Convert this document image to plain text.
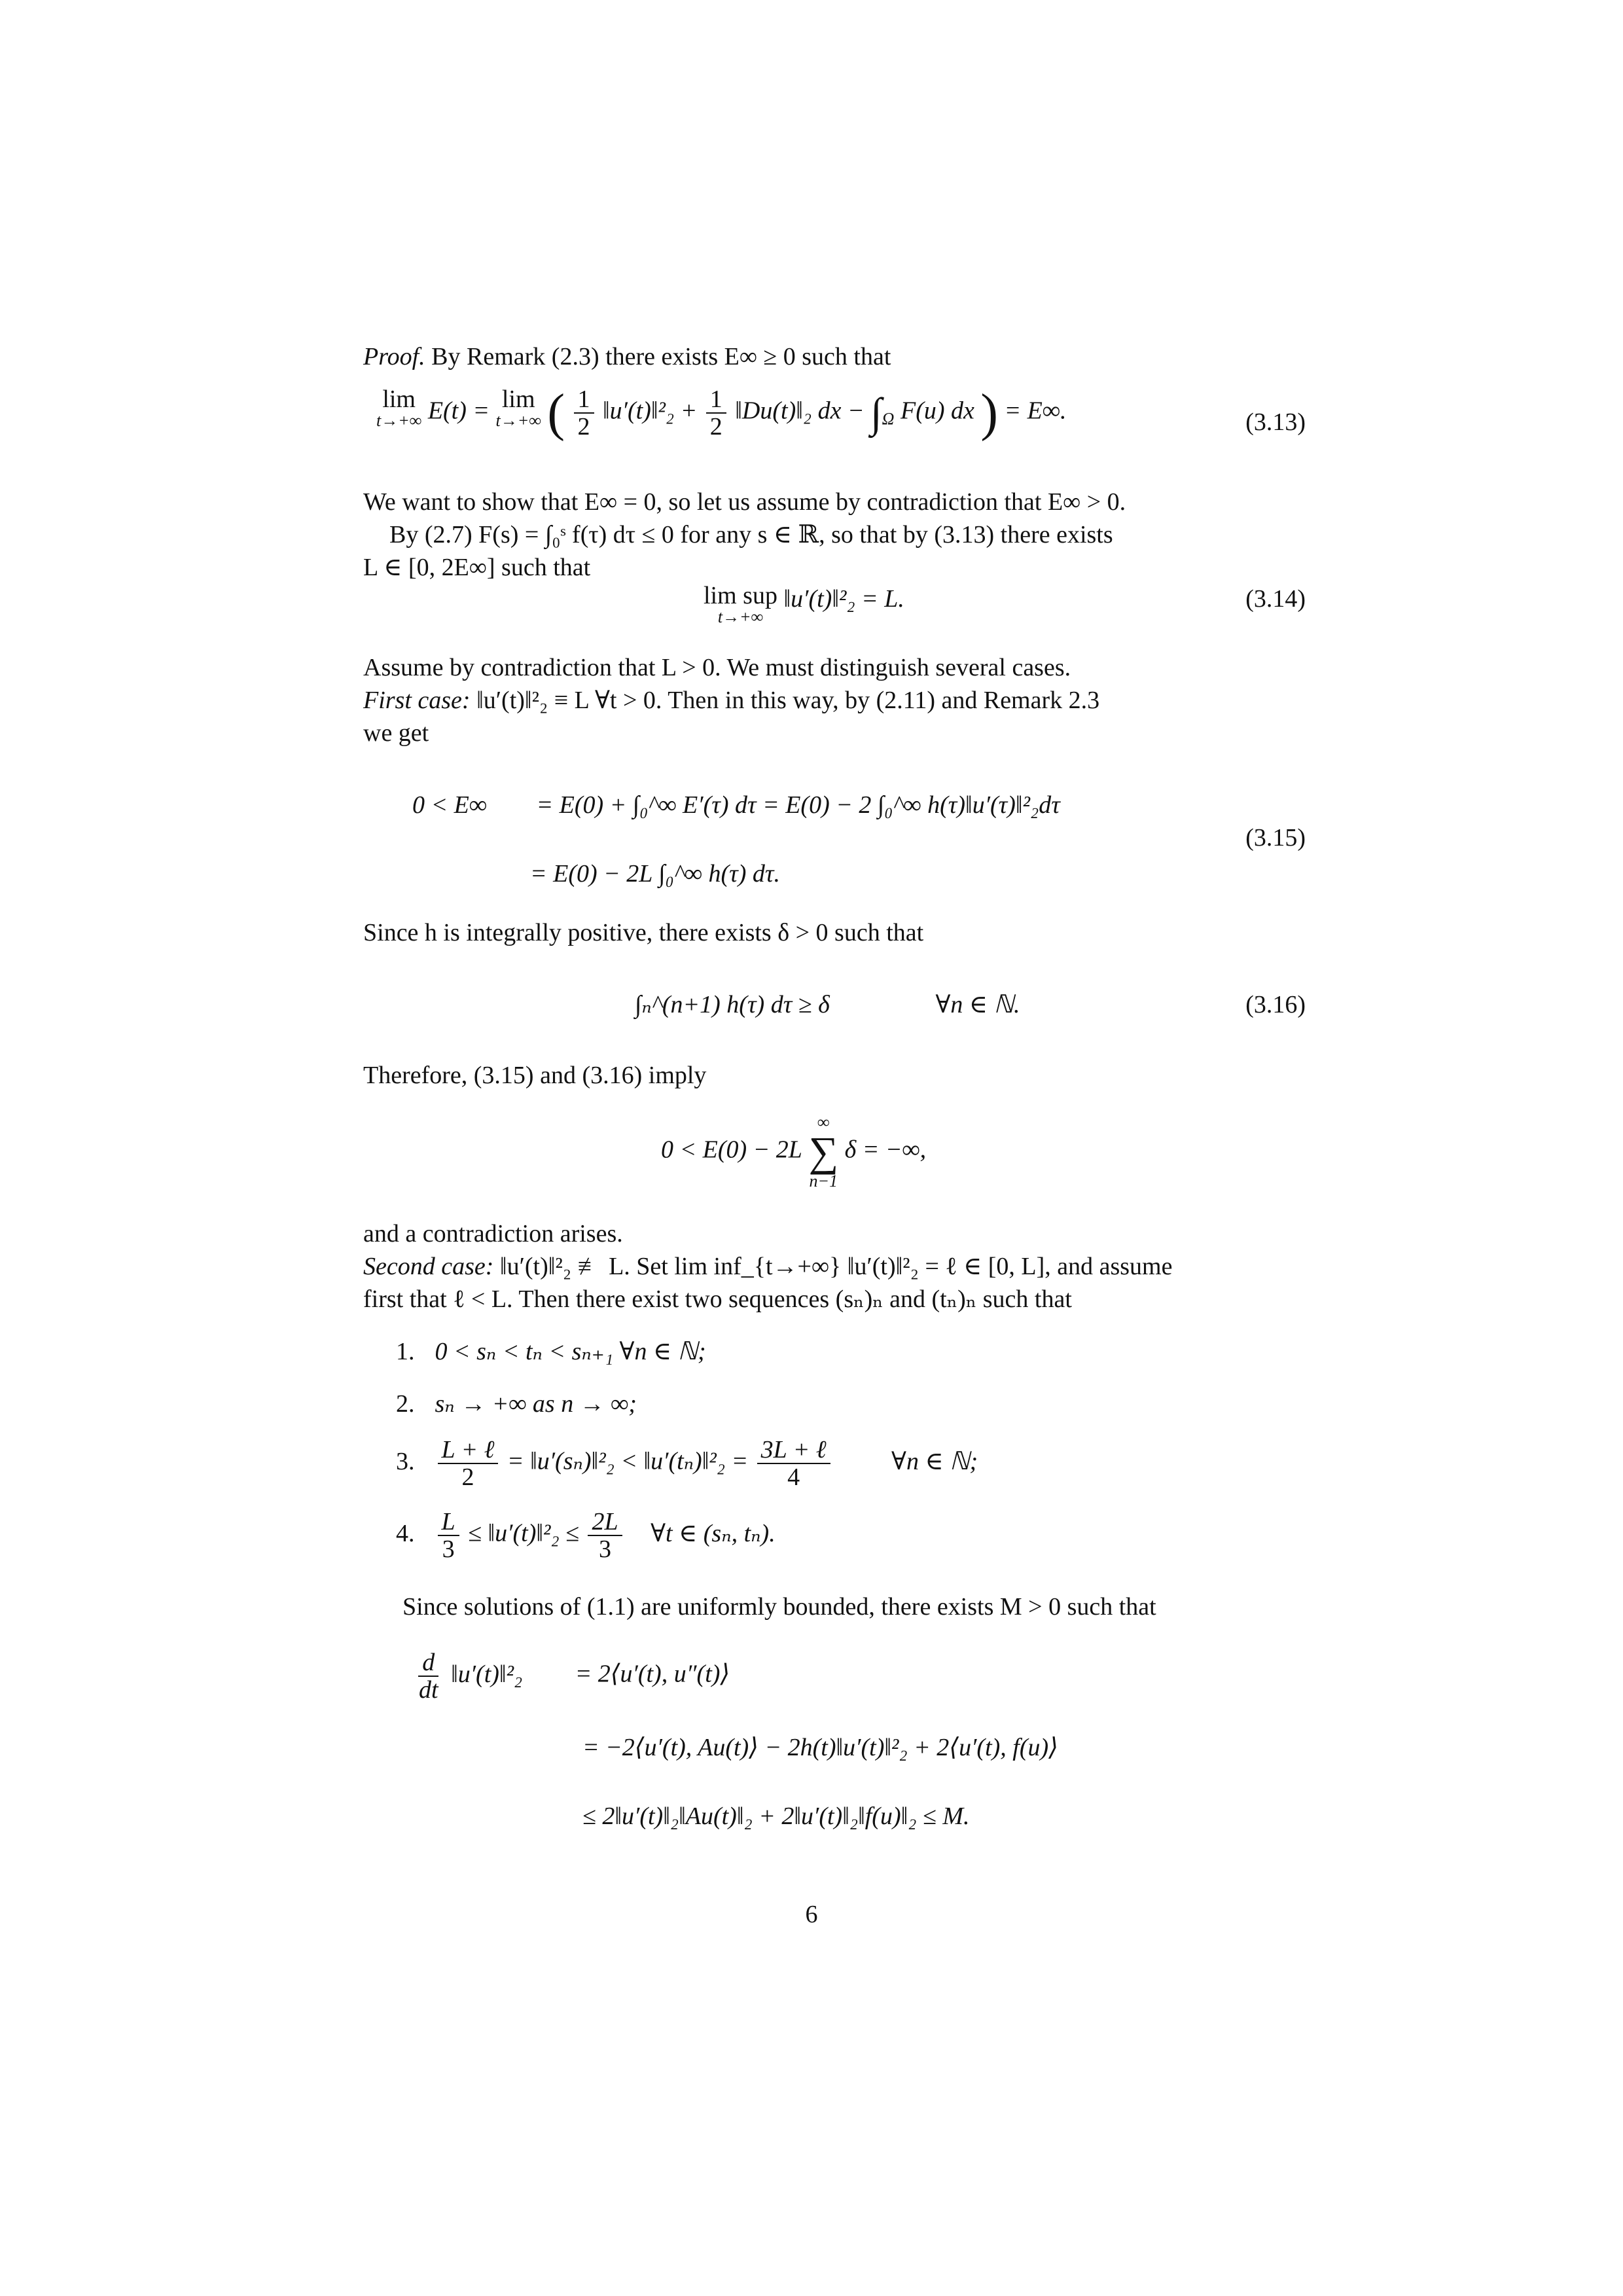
Proof. By Remark (2.3) there exists E∞ ≥ 0 such that
lim
t→+∞ E(t) = lim
t→+∞ ( $\frac{1}{2}$ ‖u′(t)‖²₂ + $\frac{1}{2}$ ‖Du(t)‖₂ dx − $\int_\Omega$ F(u) dx ) = E∞.	(3.13)
We want to show that E∞ = 0, so let us assume by contradiction that E∞ > 0.
By (2.7) F(s) = ∫₀ˢ f(τ) dτ ≤ 0 for any s ∈ ℝ, so that by (3.13) there exists
L ∈ [0, 2E∞] such that
lim sup
t→+∞
‖u′(t)‖²₂ = L.	(3.14)
Assume by contradiction that L > 0. We must distinguish several cases.
First case: ‖u′(t)‖²₂ ≡ L ∀t > 0. Then in this way, by (2.11) and Remark 2.3
we get
0 < E∞ = E(0) + ∫₀^∞ E′(τ) dτ = E(0) − 2 ∫₀^∞ h(τ)‖u′(τ)‖²₂dτ
= E(0) − 2L ∫₀^∞ h(τ) dτ.
(3.15)
Since h is integrally positive, there exists δ > 0 such that
∫ₙ^(n+1) h(τ) dτ ≥ δ	∀n ∈ ℕ.	(3.16)
Therefore, (3.15) and (3.16) imply
0 < E(0) − 2L
∞
∑
n−1
δ = −∞,
and a contradiction arises.
Second case: ‖u′(t)‖²₂ ≢ L. Set lim inf_{t→+∞} ‖u′(t)‖²₂ = ℓ ∈ [0, L], and assume
first that ℓ < L. Then there exist two sequences (sₙ)ₙ and (tₙ)ₙ such that
1. 0 < sₙ < tₙ < sₙ₊₁ ∀n ∈ ℕ;
2. sₙ → +∞ as n → ∞;
3. $\frac{\text{L + ℓ}}{2}$ = ‖u′(sₙ)‖²₂ < ‖u′(tₙ)‖²₂ = $\frac{\text{3L + ℓ}}{4}$ ∀n ∈ ℕ;
4. $\frac{L}{3}$ ≤ ‖u′(t)‖²₂ ≤ $\frac{2L}{3}$ ∀t ∈ (sₙ, tₙ).
Since solutions of (1.1) are uniformly bounded, there exists M > 0 such that
$\frac{d}{dt}$ ‖u′(t)‖²₂ = 2⟨u′(t), u″(t)⟩
= −2⟨u′(t), Au(t)⟩ − 2h(t)‖u′(t)‖²₂ + 2⟨u′(t), f(u)⟩
≤ 2‖u′(t)‖₂‖Au(t)‖₂ + 2‖u′(t)‖₂‖f(u)‖₂ ≤ M.
6
